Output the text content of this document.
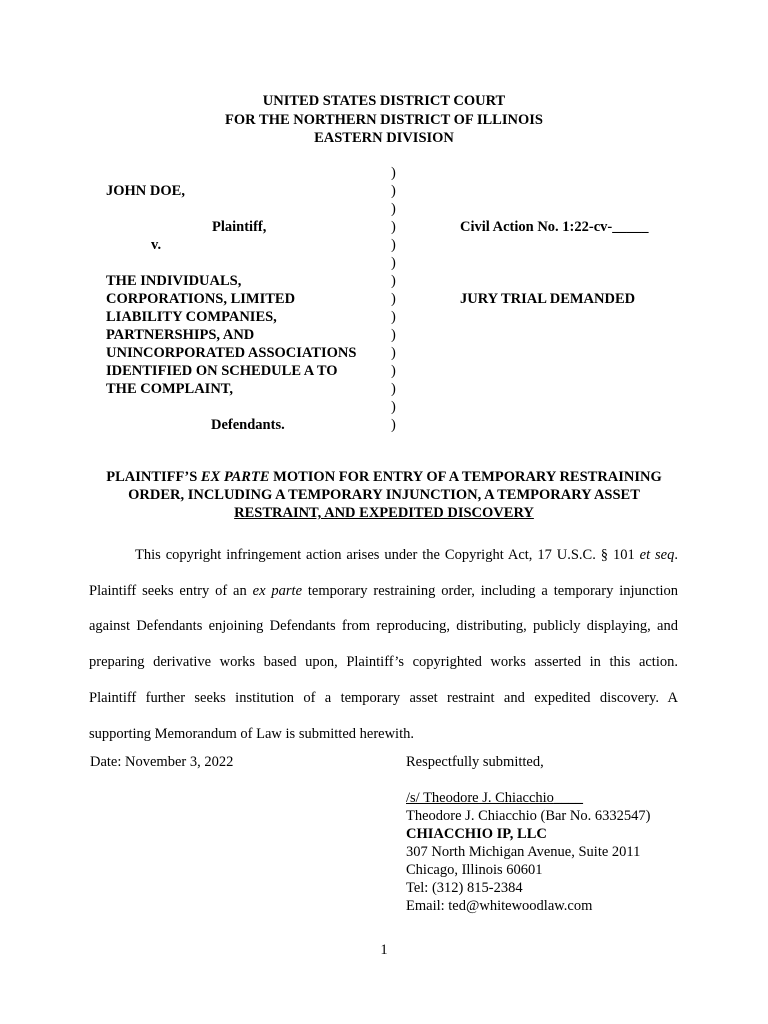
UNITED STATES DISTRICT COURT
FOR THE NORTHERN DISTRICT OF ILLINOIS
EASTERN DIVISION
)
)
)
)
)
)
)
)
)
)
)
)
)
)
)
JOHN DOE,
Plaintiff,
v.
THE INDIVIDUALS,
CORPORATIONS, LIMITED
LIABILITY COMPANIES,
PARTNERSHIPS, AND
UNINCORPORATED ASSOCIATIONS
IDENTIFIED ON SCHEDULE A TO
THE COMPLAINT,
Defendants.
Civil Action No. 1:22-cv-_____
JURY TRIAL DEMANDED
PLAINTIFF’S EX PARTE MOTION FOR ENTRY OF A TEMPORARY RESTRAINING
ORDER, INCLUDING A TEMPORARY INJUNCTION, A TEMPORARY ASSET
RESTRAINT, AND EXPEDITED DISCOVERY
This copyright infringement action arises under the Copyright Act, 17 U.S.C. § 101 et seq.
Plaintiff seeks entry of an ex parte temporary restraining order, including a temporary injunction
against Defendants enjoining Defendants from reproducing, distributing, publicly displaying, and
preparing derivative works based upon, Plaintiff’s copyrighted works asserted in this action.
Plaintiff further seeks institution of a temporary asset restraint and expedited discovery. A
supporting Memorandum of Law is submitted herewith.
Date: November 3, 2022	Respectfully submitted,
/s/ Theodore J. Chiacchio____
Theodore J. Chiacchio (Bar No. 6332547)
CHIACCHIO IP, LLC
307 North Michigan Avenue, Suite 2011
Chicago, Illinois 60601
Tel: (312) 815-2384
Email: ted@whitewoodlaw.com
1
